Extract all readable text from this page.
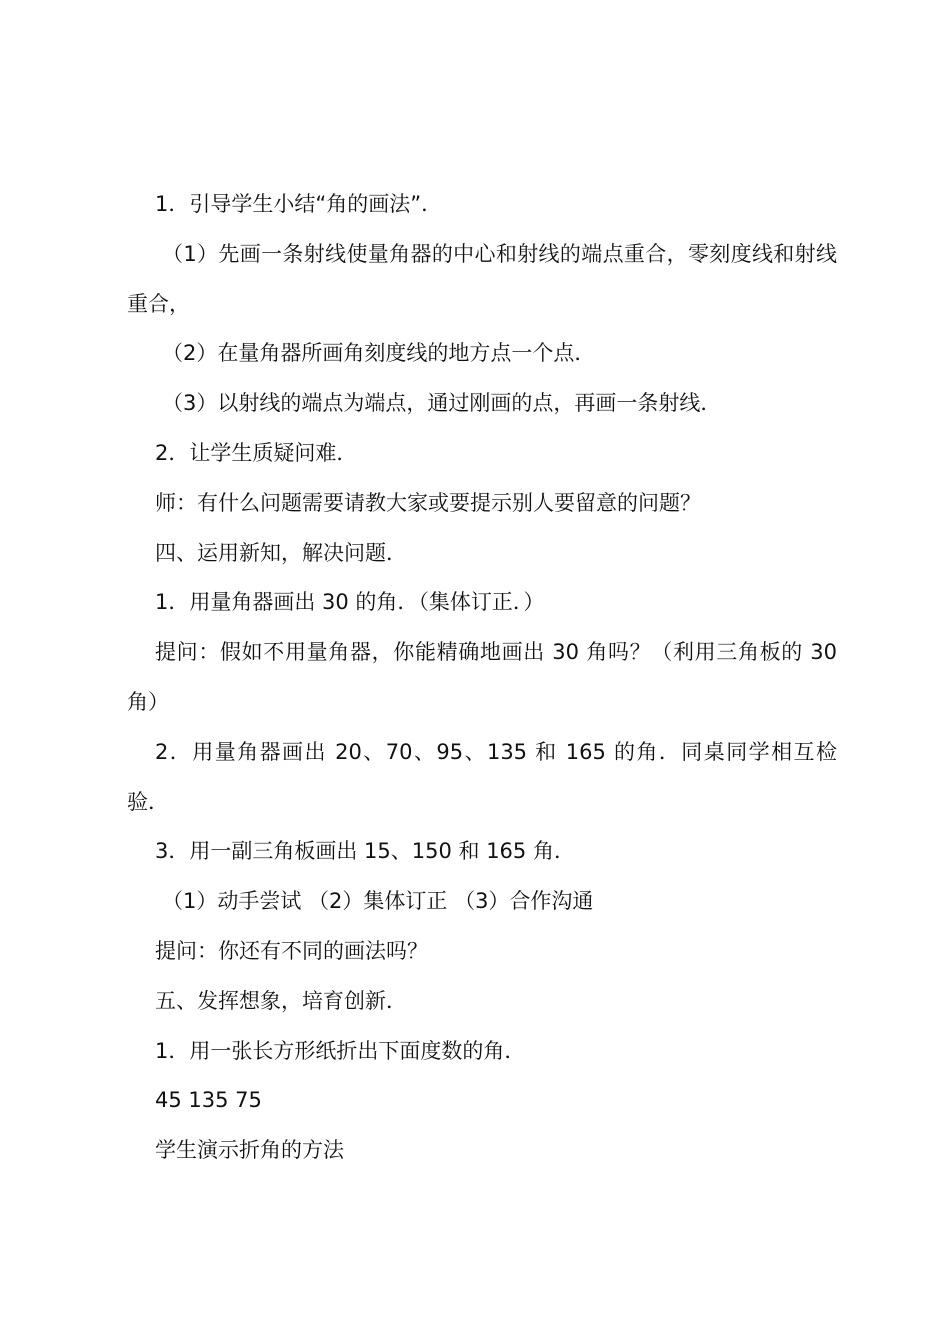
1．引导学生小结“角的画法”．

（1）先画一条射线使量角器的中心和射线的端点重合，零刻度线和射线重合，

（2）在量角器所画角刻度线的地方点一个点．

（3）以射线的端点为端点，通过刚画的点，再画一条射线．

2．让学生质疑问难．

师：有什么问题需要请教大家或要提示别人要留意的问题？

四、运用新知，解决问题．

1．用量角器画出 30 的角．（集体订正．）

提问：假如不用量角器，你能精确地画出 30 角吗？（利用三角板的 30 角）

2．用量角器画出 20、70、95、135 和 165 的角．同桌同学相互检验．

3．用一副三角板画出 15、150 和 165 角．

（1）动手尝试 （2）集体订正 （3）合作沟通

提问：你还有不同的画法吗？

五、发挥想象，培育创新．

1．用一张长方形纸折出下面度数的角．

45 135 75

学生演示折角的方法
